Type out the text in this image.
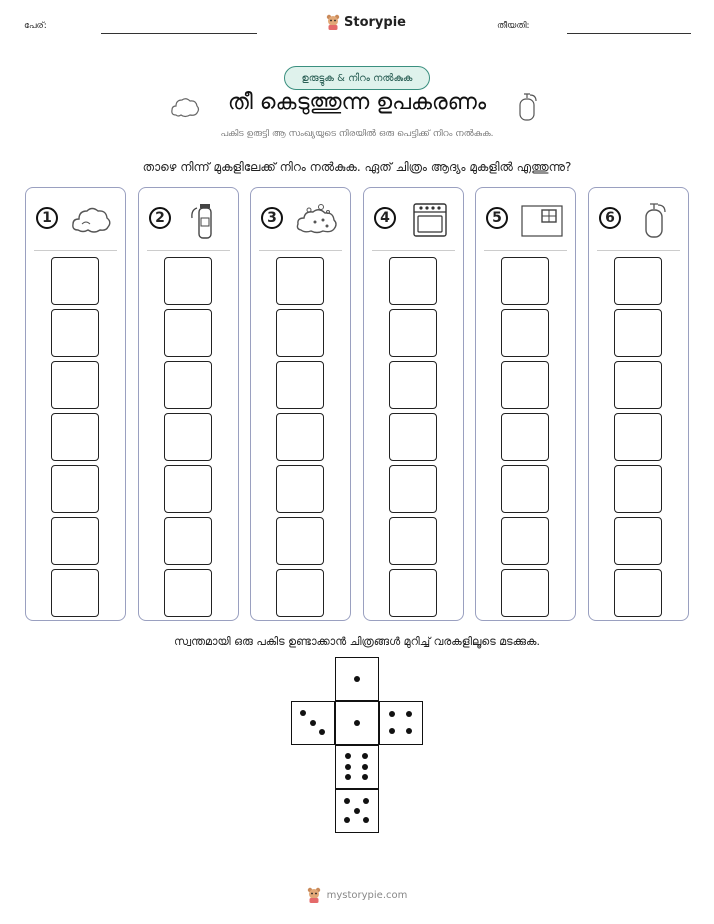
പേര്:	Storypie	തീയതി:
ഉരുട്ടുക & നിറം നൽകുക
തീ കെടുത്തുന്ന ഉപകരണം
പകിട ഉരുട്ടി ആ സംഖ്യയുടെ നിരയിൽ ഒരു പെട്ടിക്ക് നിറം നൽകുക.
താഴെ നിന്ന് മുകളിലേക്ക് നിറം നൽകുക. ഏത് ചിത്രം ആദ്യം മുകളിൽ എത്തുന്നു?
1	2	3	4	5	6
സ്വന്തമായി ഒരു പകിട ഉണ്ടാക്കാൻ ചിത്രങ്ങൾ മുറിച്ച് വരകളിലൂടെ മടക്കുക.
mystorypie.com
